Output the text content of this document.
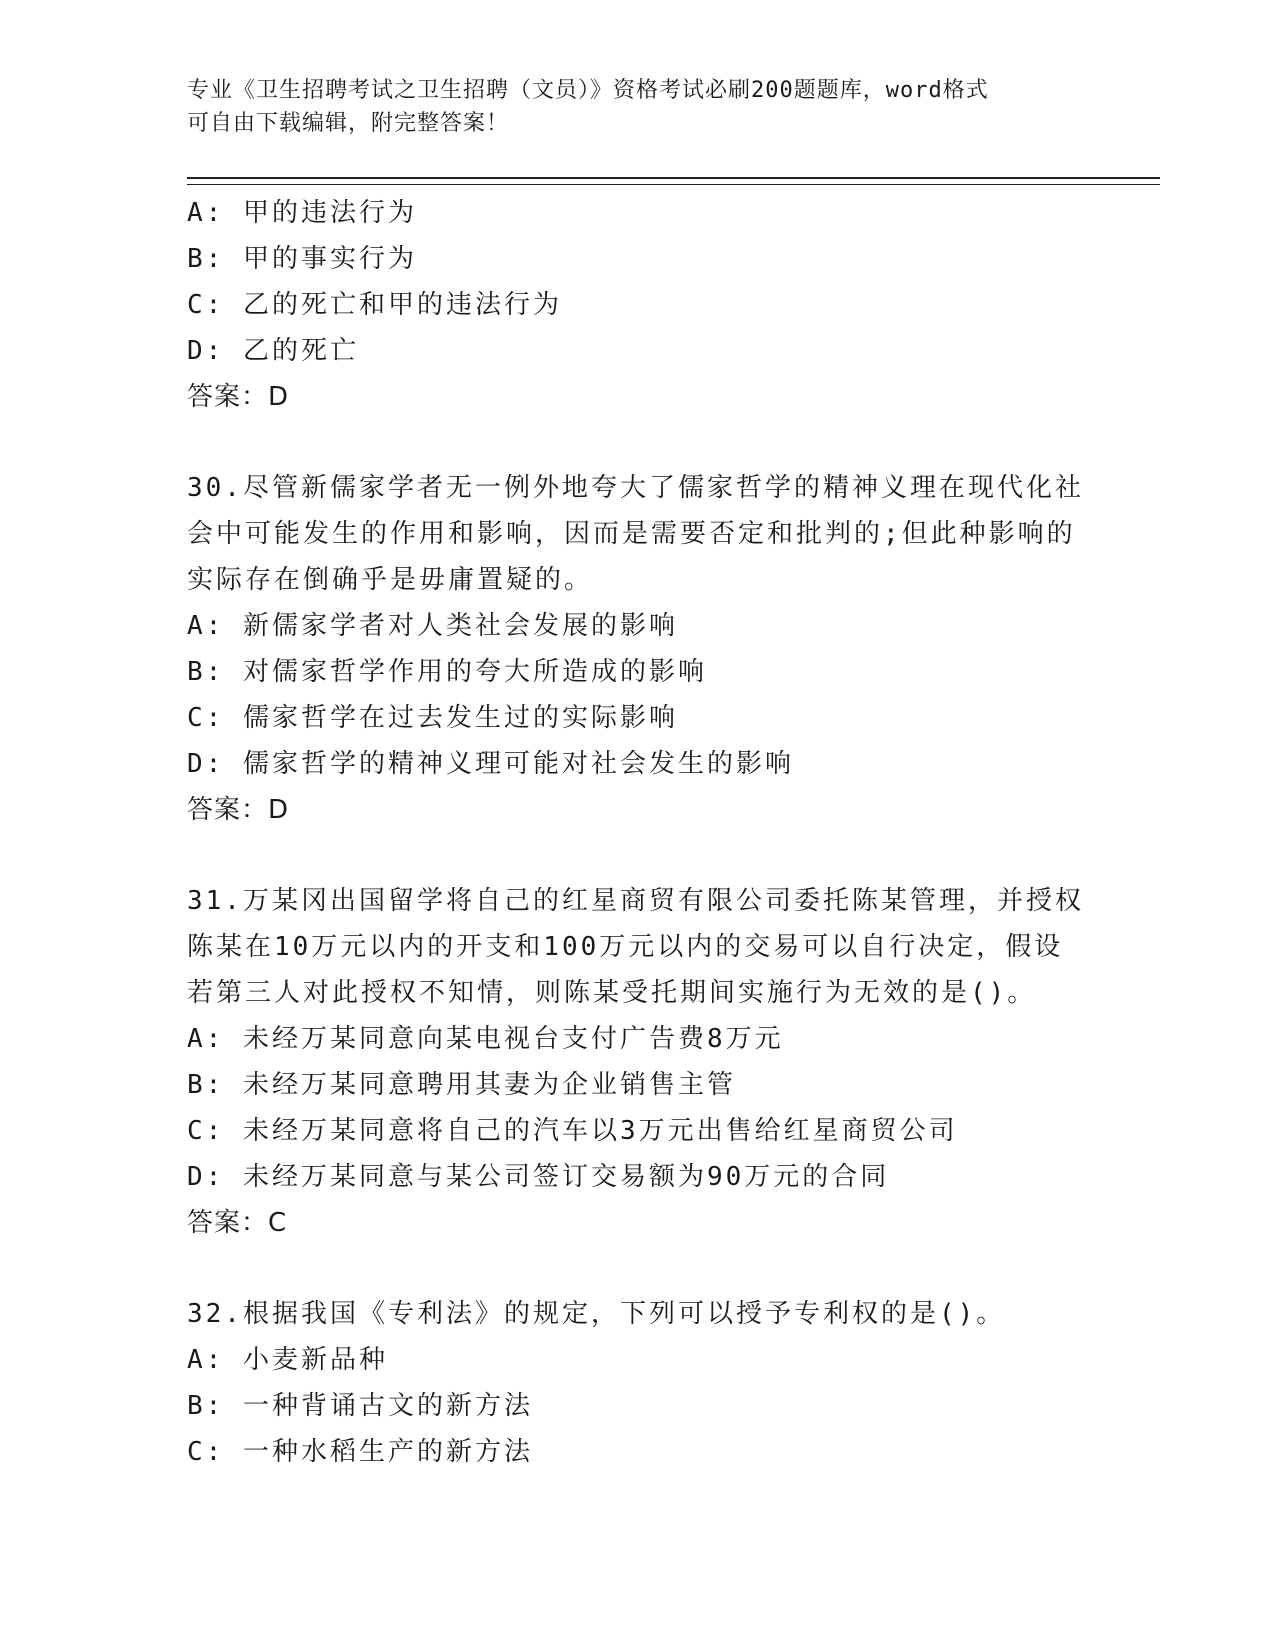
专业《卫生招聘考试之卫生招聘（文员）》资格考试必刷200题题库，word格式
可自由下载编辑，附完整答案！
A: 甲的违法行为
B: 甲的事实行为
C: 乙的死亡和甲的违法行为
D: 乙的死亡
答案：D
30.尽管新儒家学者无一例外地夸大了儒家哲学的精神义理在现代化社
会中可能发生的作用和影响，因而是需要否定和批判的;但此种影响的
实际存在倒确乎是毋庸置疑的。
A: 新儒家学者对人类社会发展的影响
B: 对儒家哲学作用的夸大所造成的影响
C: 儒家哲学在过去发生过的实际影响
D: 儒家哲学的精神义理可能对社会发生的影响
答案：D
31.万某冈出国留学将自己的红星商贸有限公司委托陈某管理，并授权
陈某在10万元以内的开支和100万元以内的交易可以自行决定，假设
若第三人对此授权不知情，则陈某受托期间实施行为无效的是()。
A: 未经万某同意向某电视台支付广告费8万元
B: 未经万某同意聘用其妻为企业销售主管
C: 未经万某同意将自己的汽车以3万元出售给红星商贸公司
D: 未经万某同意与某公司签订交易额为90万元的合同
答案：C
32.根据我国《专利法》的规定，下列可以授予专利权的是()。
A: 小麦新品种
B: 一种背诵古文的新方法
C: 一种水稻生产的新方法
